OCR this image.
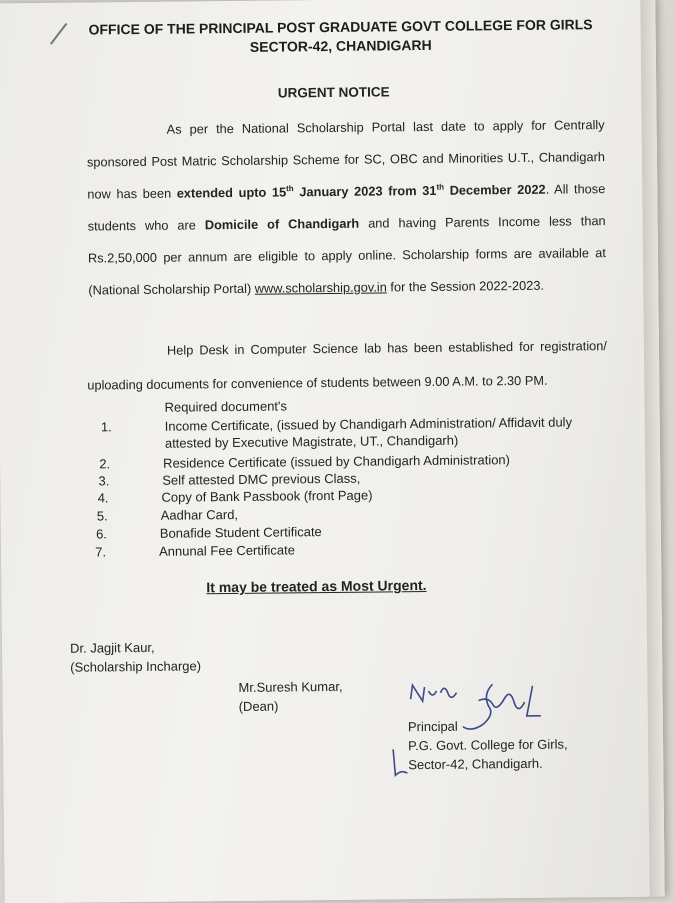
OFFICE OF THE PRINCIPAL POST GRADUATE GOVT COLLEGE FOR GIRLS
SECTOR-42, CHANDIGARH
URGENT NOTICE
As per the National Scholarship Portal last date to apply for Centrally sponsored Post Matric Scholarship Scheme for SC, OBC and Minorities U.T., Chandigarh now has been extended upto 15th January 2023 from 31th December 2022. All those students who are Domicile of Chandigarh and having Parents Income less than Rs.2,50,000 per annum are eligible to apply online. Scholarship forms are available at (National Scholarship Portal) www.scholarship.gov.in for the Session 2022-2023.
Help Desk in Computer Science lab has been established for registration/ uploading documents for convenience of students between 9.00 A.M. to 2.30 PM.
Required document's
1.	Income Certificate, (issued by Chandigarh Administration/ Affidavit duly
attested by Executive Magistrate, UT., Chandigarh)
2.	Residence Certificate (issued by Chandigarh Administration)
3.	Self attested DMC previous Class,
4.	Copy of Bank Passbook (front Page)
5.	Aadhar Card,
6.	Bonafide Student Certificate
7.	Annunal Fee Certificate
It may be treated as Most Urgent.
Dr. Jagjit Kaur,
(Scholarship Incharge)
Mr.Suresh Kumar,
(Dean)
Principal
P.G. Govt. College for Girls,
Sector-42, Chandigarh.
